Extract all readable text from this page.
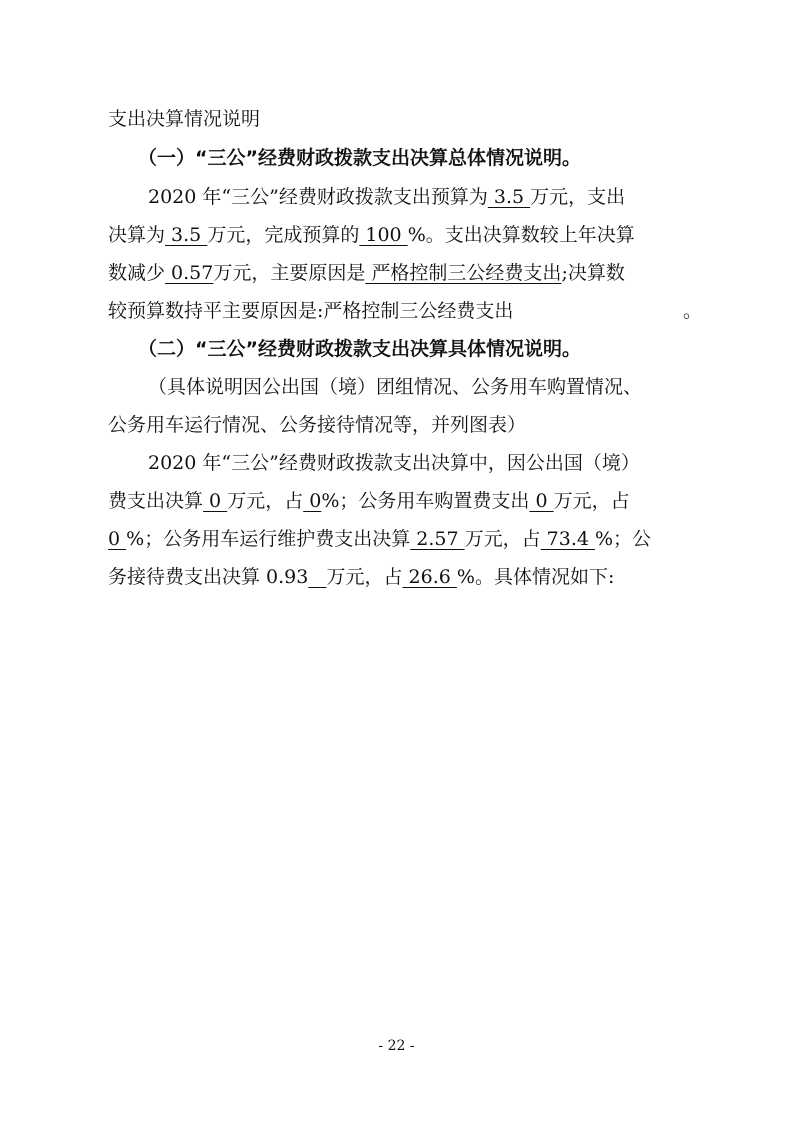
支出决算情况说明
（一）“三公”经费财政拨款支出决算总体情况说明。
2020 年“三公”经费财政拨款支出预算为 3.5 万元，支出
决算为 3.5 万元，完成预算的 100 %。支出决算数较上年决算
数减少 0.57万元，主要原因是 严格控制三公经费支出;决算数
较预算数持平主要原因是:严格控制三公经费支出	。
（二）“三公”经费财政拨款支出决算具体情况说明。
（具体说明因公出国（境）团组情况、公务用车购置情况、
公务用车运行情况、公务接待情况等，并列图表）
2020 年“三公”经费财政拨款支出决算中，因公出国（境）
费支出决算 0 万元，占 0%；公务用车购置费支出 0 万元，占
0 %；公务用车运行维护费支出决算 2.57 万元，占 73.4 %；公
务接待费支出决算 0.93 万元，占 26.6 %。具体情况如下:
- 22 -
